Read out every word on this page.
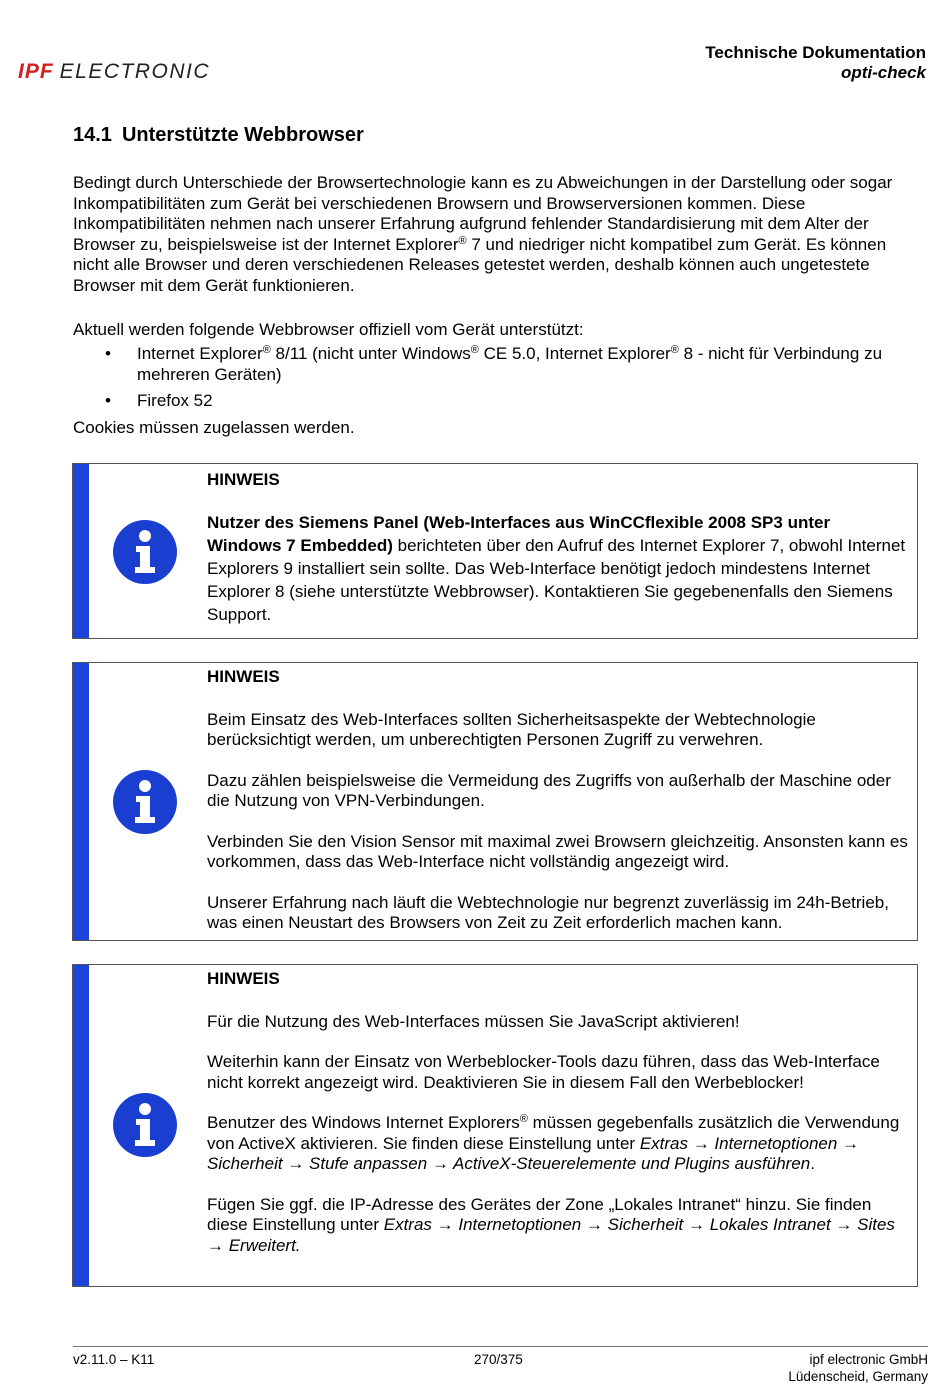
IPF ELECTRONIC
Technische Dokumentation
opti-check
14.1 Unterstützte Webbrowser
Bedingt durch Unterschiede der Browsertechnologie kann es zu Abweichungen in der Darstellung oder sogar Inkompatibilitäten zum Gerät bei verschiedenen Browsern und Browserversionen kommen. Diese Inkompatibilitäten nehmen nach unserer Erfahrung aufgrund fehlender Standardisierung mit dem Alter der Browser zu, beispielsweise ist der Internet Explorer® 7 und niedriger nicht kompatibel zum Gerät. Es können nicht alle Browser und deren verschiedenen Releases getestet werden, deshalb können auch ungetestete Browser mit dem Gerät funktionieren.
Aktuell werden folgende Webbrowser offiziell vom Gerät unterstützt:
• Internet Explorer® 8/11 (nicht unter Windows® CE 5.0, Internet Explorer® 8 - nicht für Verbindung zu mehreren Geräten)
• Firefox 52
Cookies müssen zugelassen werden.
HINWEIS
Nutzer des Siemens Panel (Web-Interfaces aus WinCCflexible 2008 SP3 unter Windows 7 Embedded) berichteten über den Aufruf des Internet Explorer 7, obwohl Internet Explorers 9 installiert sein sollte. Das Web-Interface benötigt jedoch mindestens Internet Explorer 8 (siehe unterstützte Webbrowser). Kontaktieren Sie gegebenenfalls den Siemens Support.
HINWEIS

Beim Einsatz des Web-Interfaces sollten Sicherheitsaspekte der Webtechnologie berücksichtigt werden, um unberechtigten Personen Zugriff zu verwehren.

Dazu zählen beispielsweise die Vermeidung des Zugriffs von außerhalb der Maschine oder die Nutzung von VPN-Verbindungen.

Verbinden Sie den Vision Sensor mit maximal zwei Browsern gleichzeitig. Ansonsten kann es vorkommen, dass das Web-Interface nicht vollständig angezeigt wird.

Unserer Erfahrung nach läuft die Webtechnologie nur begrenzt zuverlässig im 24h-Betrieb, was einen Neustart des Browsers von Zeit zu Zeit erforderlich machen kann.

HINWEIS

Für die Nutzung des Web-Interfaces müssen Sie JavaScript aktivieren!

Weiterhin kann der Einsatz von Werbeblocker-Tools dazu führen, dass das Web-Interface nicht korrekt angezeigt wird. Deaktivieren Sie in diesem Fall den Werbeblocker!

Benutzer des Windows Internet Explorers® müssen gegebenfalls zusätzlich die Verwendung von ActiveX aktivieren. Sie finden diese Einstellung unter Extras → Internetoptionen → Sicherheit → Stufe anpassen → ActiveX-Steuerelemente und Plugins ausführen.

Fügen Sie ggf. die IP-Adresse des Gerätes der Zone „Lokales Intranet“ hinzu. Sie finden diese Einstellung unter Extras → Internetoptionen → Sicherheit → Lokales Intranet → Sites → Erweitert.

v2.11.0 – K11	270/375	ipf electronic GmbH
Lüdenscheid, Germany
